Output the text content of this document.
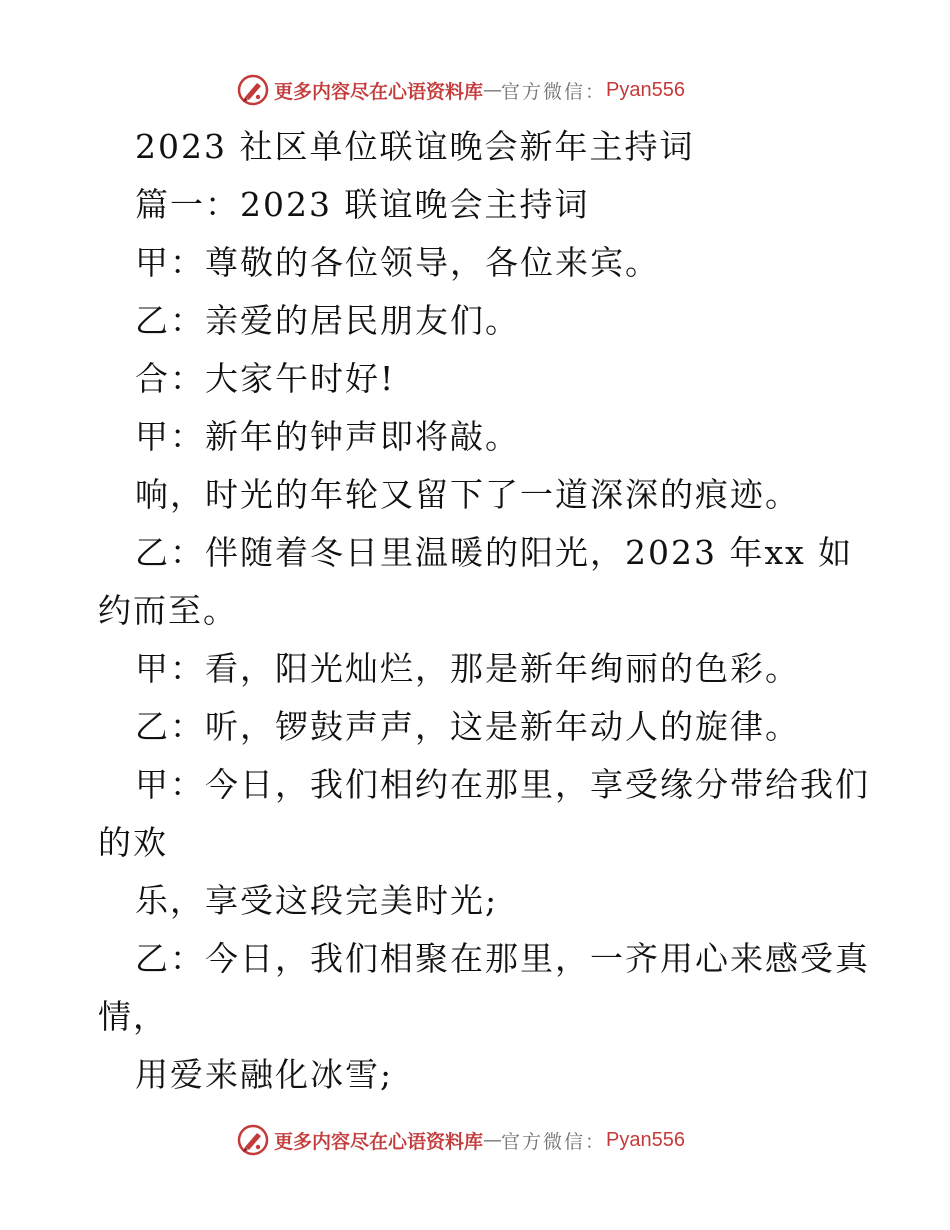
更多内容尽在心语资料库 — 官方微信： Pyan556
2023 社区单位联谊晚会新年主持词
篇一：2023 联谊晚会主持词
甲：尊敬的各位领导，各位来宾。
乙：亲爱的居民朋友们。
合：大家午时好!
甲：新年的钟声即将敲。
响，时光的年轮又留下了一道深深的痕迹。
乙：伴随着冬日里温暖的阳光，2023 年xx 如
约而至。
甲：看，阳光灿烂，那是新年绚丽的色彩。
乙：听，锣鼓声声，这是新年动人的旋律。
甲：今日，我们相约在那里，享受缘分带给我们
的欢
乐，享受这段完美时光;
乙：今日，我们相聚在那里，一齐用心来感受真
情，
用爱来融化冰雪;
更多内容尽在心语资料库 — 官方微信： Pyan556
